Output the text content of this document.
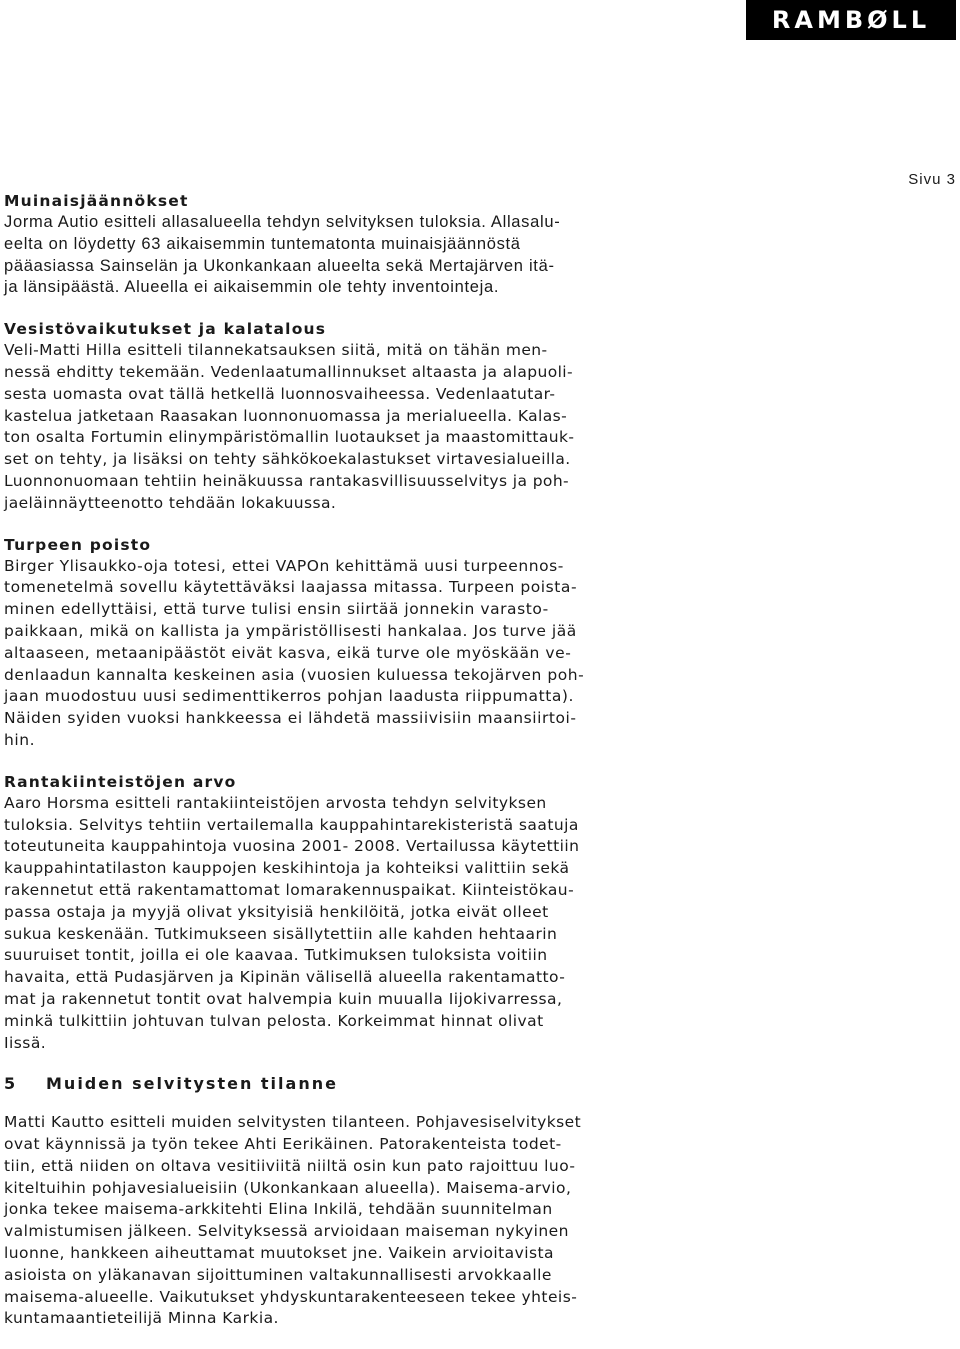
RAMBØLL
Sivu 3
Muinaisjäännökset
Jorma Autio esitteli allasalueella tehdyn selvityksen tuloksia. Allasalu-
eelta on löydetty 63 aikaisemmin tuntematonta muinaisjäännöstä
pääasiassa Sainselän ja Ukonkankaan alueelta sekä Mertajärven itä-
ja länsipäästä. Alueella ei aikaisemmin ole tehty inventointeja.
Vesistövaikutukset ja kalatalous
Veli-Matti Hilla esitteli tilannekatsauksen siitä, mitä on tähän men-
nessä ehditty tekemään. Vedenlaatumallinnukset altaasta ja alapuoli-
sesta uomasta ovat tällä hetkellä luonnosvaiheessa. Vedenlaatutar-
kastelua jatketaan Raasakan luonnonuomassa ja merialueella. Kalas-
ton osalta Fortumin elinympäristömallin luotaukset ja maastomittauk-
set on tehty, ja lisäksi on tehty sähkökoekalastukset virtavesialueilla.
Luonnonuomaan tehtiin heinäkuussa rantakasvillisuusselvitys ja poh-
jaeläinnäytteenotto tehdään lokakuussa.
Turpeen poisto
Birger Ylisaukko-oja totesi, ettei VAPOn kehittämä uusi turpeennos-
tomenetelmä sovellu käytettäväksi laajassa mitassa. Turpeen poista-
minen edellyttäisi, että turve tulisi ensin siirtää jonnekin varasto-
paikkaan, mikä on kallista ja ympäristöllisesti hankalaa. Jos turve jää
altaaseen, metaanipäästöt eivät kasva, eikä turve ole myöskään ve-
denlaadun kannalta keskeinen asia (vuosien kuluessa tekojärven poh-
jaan muodostuu uusi sedimenttikerros pohjan laadusta riippumatta).
Näiden syiden vuoksi hankkeessa ei lähdetä massiivisiin maansiirtoi-
hin.
Rantakiinteistöjen arvo
Aaro Horsma esitteli rantakiinteistöjen arvosta tehdyn selvityksen
tuloksia. Selvitys tehtiin vertailemalla kauppahintarekisteristä saatuja
toteutuneita kauppahintoja vuosina 2001- 2008. Vertailussa käytettiin
kauppahintatilaston kauppojen keskihintoja ja kohteiksi valittiin sekä
rakennetut että rakentamattomat lomarakennuspaikat. Kiinteistökau-
passa ostaja ja myyjä olivat yksityisiä henkilöitä, jotka eivät olleet
sukua keskenään. Tutkimukseen sisällytettiin alle kahden hehtaarin
suuruiset tontit, joilla ei ole kaavaa. Tutkimuksen tuloksista voitiin
havaita, että Pudasjärven ja Kipinän välisellä alueella rakentamatto-
mat ja rakennetut tontit ovat halvempia kuin muualla Iijokivarressa,
minkä tulkittiin johtuvan tulvan pelosta. Korkeimmat hinnat olivat
Iissä.
5 Muiden selvitysten tilanne
Matti Kautto esitteli muiden selvitysten tilanteen. Pohjavesiselvitykset
ovat käynnissä ja työn tekee Ahti Eerikäinen. Patorakenteista todet-
tiin, että niiden on oltava vesitiiviitä niiltä osin kun pato rajoittuu luo-
kiteltuihin pohjavesialueisiin (Ukonkankaan alueella). Maisema-arvio,
jonka tekee maisema-arkkitehti Elina Inkilä, tehdään suunnitelman
valmistumisen jälkeen. Selvityksessä arvioidaan maiseman nykyinen
luonne, hankkeen aiheuttamat muutokset jne. Vaikein arvioitavista
asioista on yläkanavan sijoittuminen valtakunnallisesti arvokkaalle
maisema-alueelle. Vaikutukset yhdyskuntarakenteeseen tekee yhteis-
kuntamaantieteilijä Minna Karkia.
